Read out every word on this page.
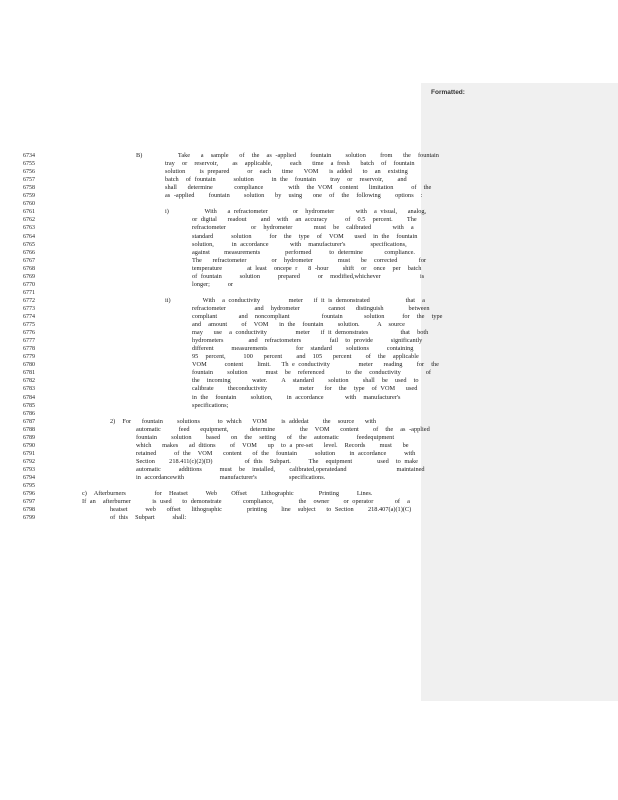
Formatted:
6734	B)          Take   a  sample   of  the  as -applied    fountain    solution    from   the  fountain
6755	tray  or  reservoir,    as  applicable,     each   time  a fresh   batch  of  fountain
6756	solution    is prepared     or  each   time   VOM   is added   to  an  existing
6757	batch  of fountain     solution     in the  fountain    tray  or  reservoir,    and
6758	shall   determine      compliance       with  the VOM  content   limitation     of  the
6759	as -applied    fountain    solution   by  using   one  of  the  following    options  :
6760
6761	i)          With   a refractometer       or  hydrometer      with  a visual,   analog,
6762	or digital   readout    and  with  an accuracy     of  0.5  percent.    The
6763	refractometer       or  hydrometer      must  be  calibrated      with  a
6764	standard     solution     for  the  type  of  VOM   used  in the  fountain
6765	solution,     in accordance      with  manufacturer's       specifications,
6766	against    measurements       performed     to determine      compliance.
6767	The   refractometer       or  hydrometer       must   be  corrected      for
6768	temperature       at least  oncepe r   8 -hour    shift  or  once  per  batch
6769	of fountain     solution     prepared     or  modified,whichever           is
6770	longer;     or
6771
6772	ii)         With  a conductivity        meter   if it is demonstrated          that  a
6773	refractometer        and  hydrometer        cannot   distinguish       between
6774	compliant      and  noncompliant         fountain      solution     for  the  type
6775	and  amount    of  VOM   in the  fountain    solution.     A  source
6776	may   use  a conductivity        meter   if it demonstrates         that  both
6777	hydrometers       and  refractometers        fail  to provide     significantly
6778	different     measurements        for  standard    solutions     containing
6779	95  percent,     100   percent    and  105   percent    of  the  applicable
6780	VOM     content    limit.   Th e conductivity        meter   reading    for  the
6781	fountain    solution     must  be  referenced      to the  conductivity       of
6782	the  incoming      water.    A  standard    solution    shall  be  used  to
6783	calibrate    theconductivity         meter   for  the  type  of VOM   used
6784	in the  fountain    solution,    in accordance      with  manufacturer's
6785	specifications;
6786
6787	2)  For   fountain    solutions     to which   VOM    is addedat    the  source   with
6788	automatic     feed   equipment,      determine       the  VOM   content    of  the  as -applied
6789	fountain    solution    based   on  the  setting   of  the  automatic     feedequipment
6790	which   makes   ad ditions    of  VOM   up  to a pre-set   level.  Records    must   be
6791	retained     of the  VOM   content   of the  fountain     solution    in accordance     with
6792	Section    218.411(c)(2)(D)         of this  Subpart.     The  equipment       used  to make
6793	automatic     additions     must  be  installed,    calibrated,operatedand              maintained
6794	in accordancewith          manufacturer's         specifications.
6795
6796	c)  Afterburners        for  Heatset     Web    Offset    Lithographic       Printing     Lines.
6797	If an  afterburner      is used   to demonstrate      compliance,       the  owner    or operator      of  a
6798	heatset     web   offset   lithographic       printing    line  subject   to Section    218.407(a)(1)(C)
6799	of this  Subpart     shall:
